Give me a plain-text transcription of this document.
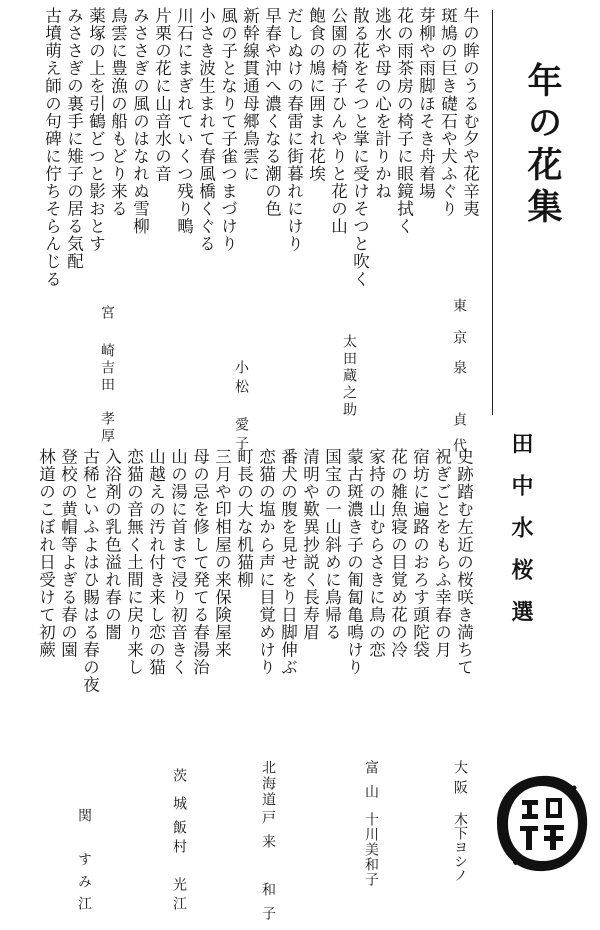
年の花集
田中水桜選
牛の眸のうるむ夕や花辛夷
斑鳩の巨き礎石や犬ふぐり
芽柳や雨脚ほそき舟着場
花の雨茶房の椅子に眼鏡拭く
逃水や母の心を計りかね
散る花をそつと掌に受けそつと吹く
公園の椅子ひんやりと花の山
飽食の鳩に囲まれ花埃
だしぬけの春雷に街暮れにけり
早春や沖へ濃くなる潮の色
新幹線貫通母郷鳥雲に
風の子となりて子雀つまづけり
小さき波生まれて春風橋くぐる
川石にまぎれていくつ残り鴫
片栗の花に山音水の音
みささぎの風のはなれぬ雪柳
鳥雲に豊漁の船もどり来る
薬塚の上を引鶴どつと影おとす
みささぎの裏手に雉子の居る気配
古墳萌え師の句碑に佇ちそらんじる
東京
泉　貞代
太田蔵之助
小松　愛子
宮崎
吉田　孝厚
史跡踏む左近の桜咲き満ちて
祝ぎごとをもらふ幸春の月
宿坊に遍路のおろす頭陀袋
花の雑魚寝の目覚め花の冷
家持の山むらさきに鳥の恋
蒙古斑濃き子の匍匐亀鳴けり
国宝の一山斜めに鳥帰る
清明や歎異抄説く長寿眉
番犬の腹を見せをり日脚伸ぶ
恋猫の塩から声に目覚めけり
町長の大な机猫柳
三月や印相屋の来保険屋来
母の忌を修して発てる春湯治
山の湯に首まで浸り初音きく
山越えの汚れ付き来し恋の猫
恋猫の音無く土間に戻り来し
入浴剤の乳色溢れ春の闇
古稀といふよはひ賜はる春の夜
登校の黄帽等よぎる春の園
林道のこぼれ日受けて初蕨
大阪
木下ヨシノ
富山
十川美和子
北海道
戸来　和子
茨城
飯村　光江
関　すみ江
